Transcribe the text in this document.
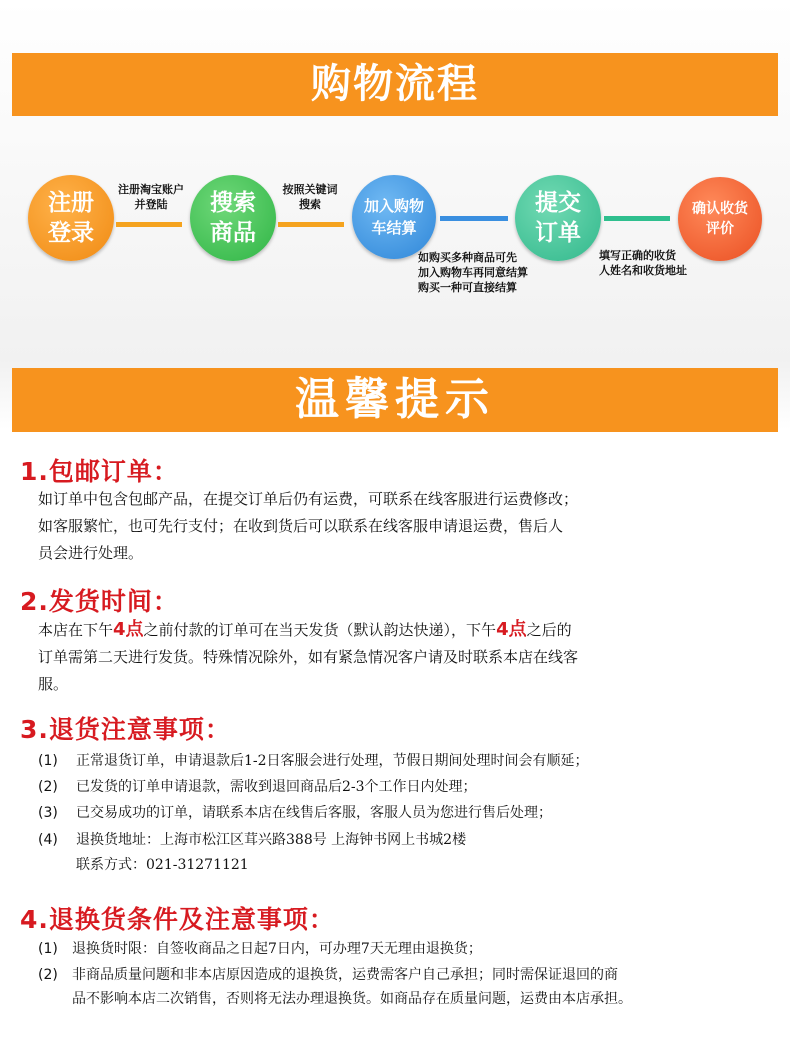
购物流程
注册
登录
搜索
商品
加入购物
车结算
提交
订单
确认收货
评价
注册淘宝账户
并登陆
按照关键词
搜索
如购买多种商品可先
加入购物车再同意结算
购买一种可直接结算
填写正确的收货
人姓名和收货地址
温馨提示
1.包邮订单：
如订单中包含包邮产品，在提交订单后仍有运费，可联系在线客服进行运费修改；
如客服繁忙，也可先行支付；在收到货后可以联系在线客服申请退运费，售后人
员会进行处理。
2.发货时间：
本店在下午4点之前付款的订单可在当天发货（默认韵达快递），下午4点之后的
订单需第二天进行发货。特殊情况除外，如有紧急情况客户请及时联系本店在线客
服。
3.退货注意事项：
(1) 正常退货订单，申请退款后1-2日客服会进行处理，节假日期间处理时间会有顺延；
(2) 已发货的订单申请退款，需收到退回商品后2-3个工作日内处理；
(3) 已交易成功的订单，请联系本店在线售后客服，客服人员为您进行售后处理；
(4) 退换货地址：上海市松江区茸兴路388号 上海钟书网上书城2楼
联系方式：021-31271121
4.退换货条件及注意事项：
(1) 退换货时限：自签收商品之日起7日内，可办理7天无理由退换货；
(2) 非商品质量问题和非本店原因造成的退换货，运费需客户自己承担；同时需保证退回的商
品不影响本店二次销售，否则将无法办理退换货。如商品存在质量问题，运费由本店承担。
